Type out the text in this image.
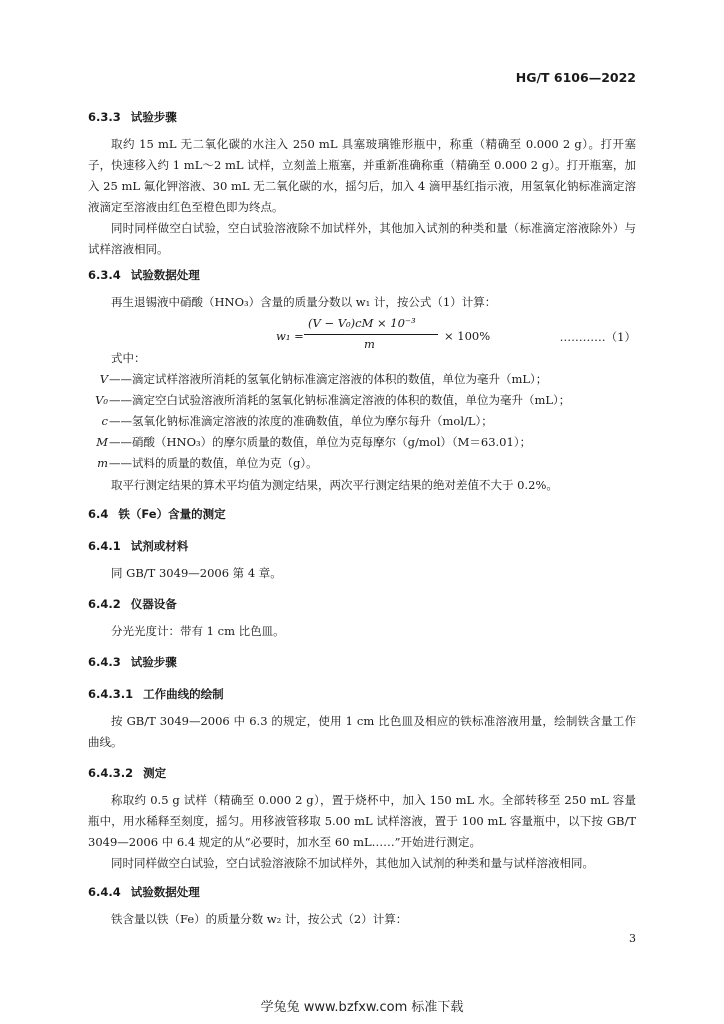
HG/T 6106—2022
6.3.3 试验步骤
取约 15 mL 无二氧化碳的水注入 250 mL 具塞玻璃锥形瓶中，称重（精确至 0.000 2 g）。打开塞子，快速移入约 1 mL～2 mL 试样，立刻盖上瓶塞，并重新准确称重（精确至 0.000 2 g）。打开瓶塞，加入 25 mL 氟化钾溶液、30 mL 无二氧化碳的水，摇匀后，加入 4 滴甲基红指示液，用氢氧化钠标准滴定溶液滴定至溶液由红色至橙色即为终点。
同时同样做空白试验，空白试验溶液除不加试样外，其他加入试剂的种类和量（标准滴定溶液除外）与试样溶液相同。
6.3.4 试验数据处理
再生退锡液中硝酸（HNO₃）含量的质量分数以 w₁ 计，按公式（1）计算：
w₁ =
(V − V₀)cM × 10⁻³
m
× 100%	…………（1）
式中：
V——滴定试样溶液所消耗的氢氧化钠标准滴定溶液的体积的数值，单位为毫升（mL）；
V₀——滴定空白试验溶液所消耗的氢氧化钠标准滴定溶液的体积的数值，单位为毫升（mL）；
c——氢氧化钠标准滴定溶液的浓度的准确数值，单位为摩尔每升（mol/L）；
M——硝酸（HNO₃）的摩尔质量的数值，单位为克每摩尔（g/mol）（M＝63.01）；
m——试料的质量的数值，单位为克（g）。
取平行测定结果的算术平均值为测定结果，两次平行测定结果的绝对差值不大于 0.2%。
6.4 铁（Fe）含量的测定
6.4.1 试剂或材料
同 GB/T 3049—2006 第 4 章。
6.4.2 仪器设备
分光光度计：带有 1 cm 比色皿。
6.4.3 试验步骤
6.4.3.1 工作曲线的绘制
按 GB/T 3049—2006 中 6.3 的规定，使用 1 cm 比色皿及相应的铁标准溶液用量，绘制铁含量工作曲线。
6.4.3.2 测定
称取约 0.5 g 试样（精确至 0.000 2 g），置于烧杯中，加入 150 mL 水。全部转移至 250 mL 容量瓶中，用水稀释至刻度，摇匀。用移液管移取 5.00 mL 试样溶液，置于 100 mL 容量瓶中，以下按 GB/T 3049—2006 中 6.4 规定的从“必要时，加水至 60 mL……”开始进行测定。
同时同样做空白试验，空白试验溶液除不加试样外，其他加入试剂的种类和量与试样溶液相同。
6.4.4 试验数据处理
铁含量以铁（Fe）的质量分数 w₂ 计，按公式（2）计算：
3
学兔兔 www.bzfxw.com 标准下载
